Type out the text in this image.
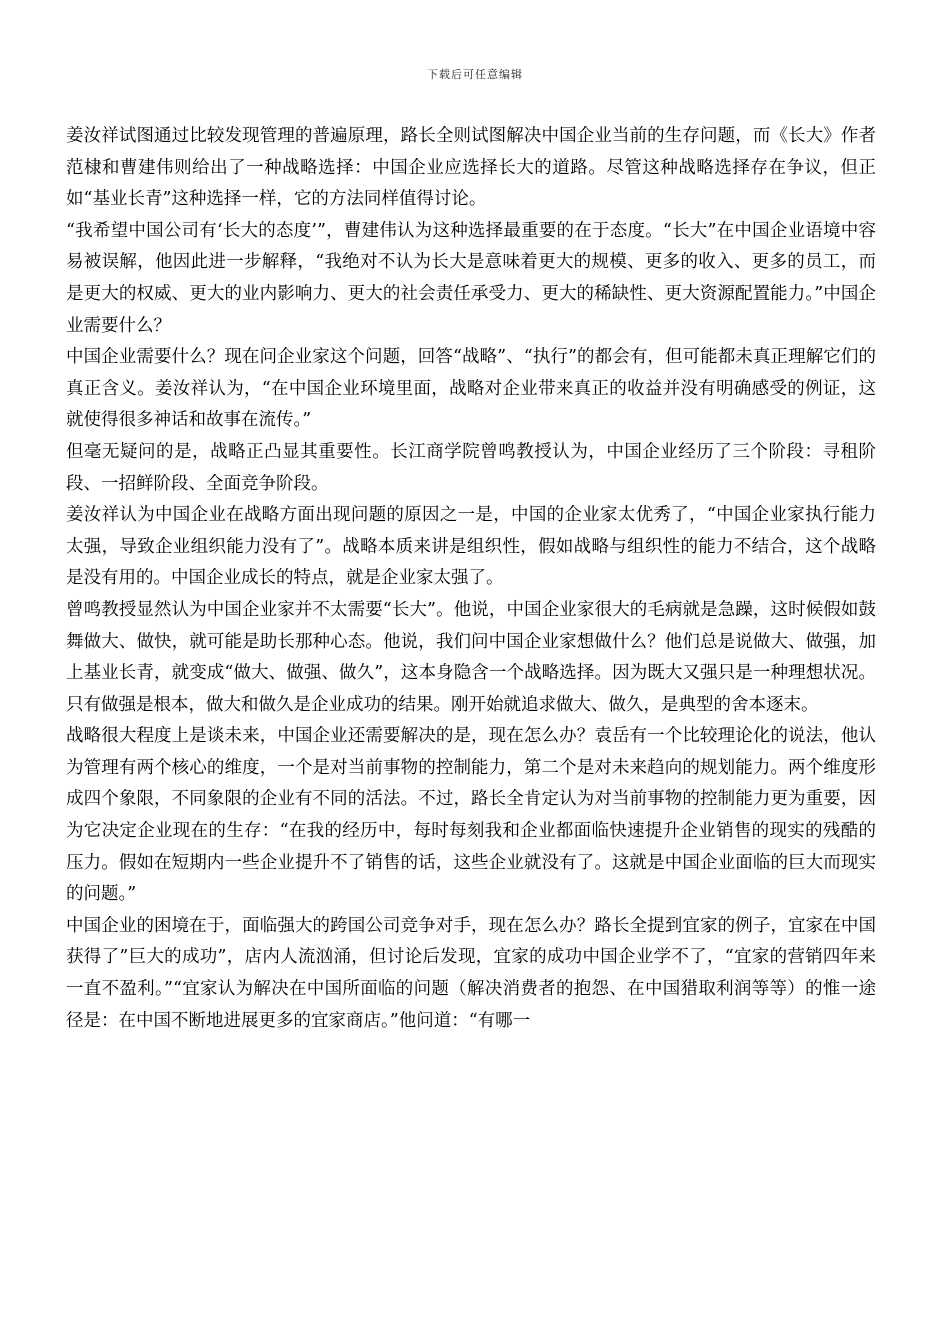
下载后可任意编辑

姜汝祥试图通过比较发现管理的普遍原理，路长全则试图解决中国企业当前的生存问题，而《长大》作者范棣和曹建伟则给出了一种战略选择：中国企业应选择长大的道路。尽管这种战略选择存在争议，但正如“基业长青”这种选择一样，它的方法同样值得讨论。

“我希望中国公司有‘长大的态度’”，曹建伟认为这种选择最重要的在于态度。“长大”在中国企业语境中容易被误解，他因此进一步解释，“我绝对不认为长大是意味着更大的规模、更多的收入、更多的员工，而是更大的权威、更大的业内影响力、更大的社会责任承受力、更大的稀缺性、更大资源配置能力。”中国企业需要什么？

中国企业需要什么？现在问企业家这个问题，回答“战略”、“执行”的都会有，但可能都未真正理解它们的真正含义。姜汝祥认为，“在中国企业环境里面，战略对企业带来真正的收益并没有明确感受的例证，这就使得很多神话和故事在流传。”

但毫无疑问的是，战略正凸显其重要性。长江商学院曾鸣教授认为，中国企业经历了三个阶段：寻租阶段、一招鲜阶段、全面竞争阶段。

姜汝祥认为中国企业在战略方面出现问题的原因之一是，中国的企业家太优秀了，“中国企业家执行能力太强，导致企业组织能力没有了”。战略本质来讲是组织性，假如战略与组织性的能力不结合，这个战略是没有用的。中国企业成长的特点，就是企业家太强了。

曾鸣教授显然认为中国企业家并不太需要“长大”。他说，中国企业家很大的毛病就是急躁，这时候假如鼓舞做大、做快，就可能是助长那种心态。他说，我们问中国企业家想做什么？他们总是说做大、做强，加上基业长青，就变成“做大、做强、做久”，这本身隐含一个战略选择。因为既大又强只是一种理想状况。只有做强是根本，做大和做久是企业成功的结果。刚开始就追求做大、做久，是典型的舍本逐末。

战略很大程度上是谈未来，中国企业还需要解决的是，现在怎么办？袁岳有一个比较理论化的说法，他认为管理有两个核心的维度，一个是对当前事物的控制能力，第二个是对未来趋向的规划能力。两个维度形成四个象限，不同象限的企业有不同的活法。不过，路长全肯定认为对当前事物的控制能力更为重要，因为它决定企业现在的生存：“在我的经历中，每时每刻我和企业都面临快速提升企业销售的现实的残酷的压力。假如在短期内一些企业提升不了销售的话，这些企业就没有了。这就是中国企业面临的巨大而现实的问题。”

中国企业的困境在于，面临强大的跨国公司竞争对手，现在怎么办？路长全提到宜家的例子，宜家在中国获得了”巨大的成功”，店内人流汹涌，但讨论后发现，宜家的成功中国企业学不了，“宜家的营销四年来一直不盈利。”“宜家认为解决在中国所面临的问题（解决消费者的抱怨、在中国猎取利润等等）的惟一途径是：在中国不断地进展更多的宜家商店。”他问道：“有哪一
